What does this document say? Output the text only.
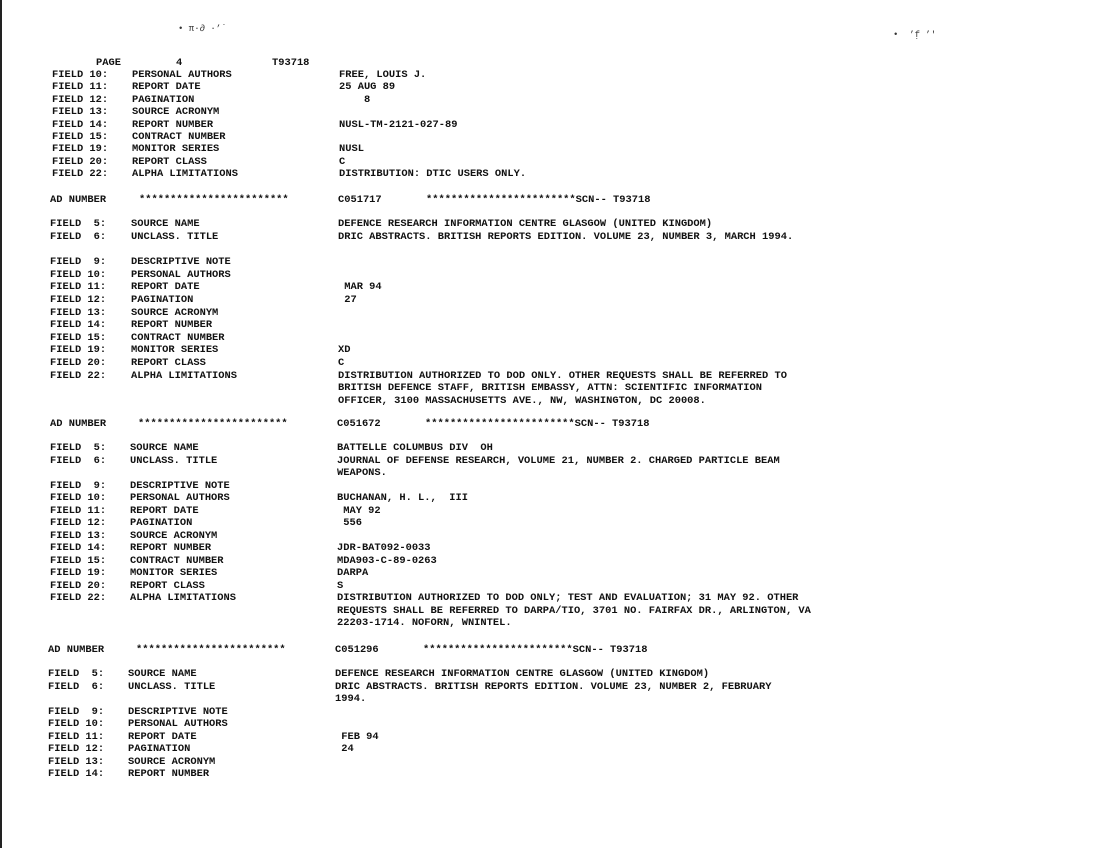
• π·∂ ·’˙
•  ’f̣ ’′
PAGE	4	T93718
FIELD 10: PERSONAL AUTHORS	FREE, LOUIS J.
FIELD 11: REPORT DATE	25 AUG 89
FIELD 12: PAGINATION	8
FIELD 13: SOURCE ACRONYM
FIELD 14: REPORT NUMBER	NUSL-TM-2121-027-89
FIELD 15: CONTRACT NUMBER
FIELD 19: MONITOR SERIES	NUSL
FIELD 20: REPORT CLASS	C
FIELD 22: ALPHA LIMITATIONS	DISTRIBUTION: DTIC USERS ONLY.
AD NUMBER	************************	C051717	************************SCN-- T93718
FIELD  5: SOURCE NAME	DEFENCE RESEARCH INFORMATION CENTRE GLASGOW (UNITED KINGDOM)
FIELD  6: UNCLASS. TITLE	DRIC ABSTRACTS. BRITISH REPORTS EDITION. VOLUME 23, NUMBER 3, MARCH 1994.
FIELD  9: DESCRIPTIVE NOTE
FIELD 10: PERSONAL AUTHORS
FIELD 11: REPORT DATE	MAR 94
FIELD 12: PAGINATION	27
FIELD 13: SOURCE ACRONYM
FIELD 14: REPORT NUMBER
FIELD 15: CONTRACT NUMBER
FIELD 19: MONITOR SERIES	XD
FIELD 20: REPORT CLASS	C
FIELD 22: ALPHA LIMITATIONS	DISTRIBUTION AUTHORIZED TO DOD ONLY. OTHER REQUESTS SHALL BE REFERRED TO
BRITISH DEFENCE STAFF, BRITISH EMBASSY, ATTN: SCIENTIFIC INFORMATION
OFFICER, 3100 MASSACHUSETTS AVE., NW, WASHINGTON, DC 20008.
AD NUMBER	************************	C051672	************************SCN-- T93718
FIELD  5: SOURCE NAME	BATTELLE COLUMBUS DIV  OH
FIELD  6: UNCLASS. TITLE	JOURNAL OF DEFENSE RESEARCH, VOLUME 21, NUMBER 2. CHARGED PARTICLE BEAM
WEAPONS.
FIELD  9: DESCRIPTIVE NOTE
FIELD 10: PERSONAL AUTHORS	BUCHANAN, H. L.,  III
FIELD 11: REPORT DATE	MAY 92
FIELD 12: PAGINATION	556
FIELD 13: SOURCE ACRONYM
FIELD 14: REPORT NUMBER	JDR-BAT092-0033
FIELD 15: CONTRACT NUMBER	MDA903-C-89-0263
FIELD 19: MONITOR SERIES	DARPA
FIELD 20: REPORT CLASS	S
FIELD 22: ALPHA LIMITATIONS	DISTRIBUTION AUTHORIZED TO DOD ONLY; TEST AND EVALUATION; 31 MAY 92. OTHER
REQUESTS SHALL BE REFERRED TO DARPA/TIO, 3701 NO. FAIRFAX DR., ARLINGTON, VA
22203-1714. NOFORN, WNINTEL.
AD NUMBER	************************	C051296	************************SCN-- T93718
FIELD  5: SOURCE NAME	DEFENCE RESEARCH INFORMATION CENTRE GLASGOW (UNITED KINGDOM)
FIELD  6: UNCLASS. TITLE	DRIC ABSTRACTS. BRITISH REPORTS EDITION. VOLUME 23, NUMBER 2, FEBRUARY
1994.
FIELD  9: DESCRIPTIVE NOTE
FIELD 10: PERSONAL AUTHORS
FIELD 11: REPORT DATE	FEB 94
FIELD 12: PAGINATION	24
FIELD 13: SOURCE ACRONYM
FIELD 14: REPORT NUMBER
